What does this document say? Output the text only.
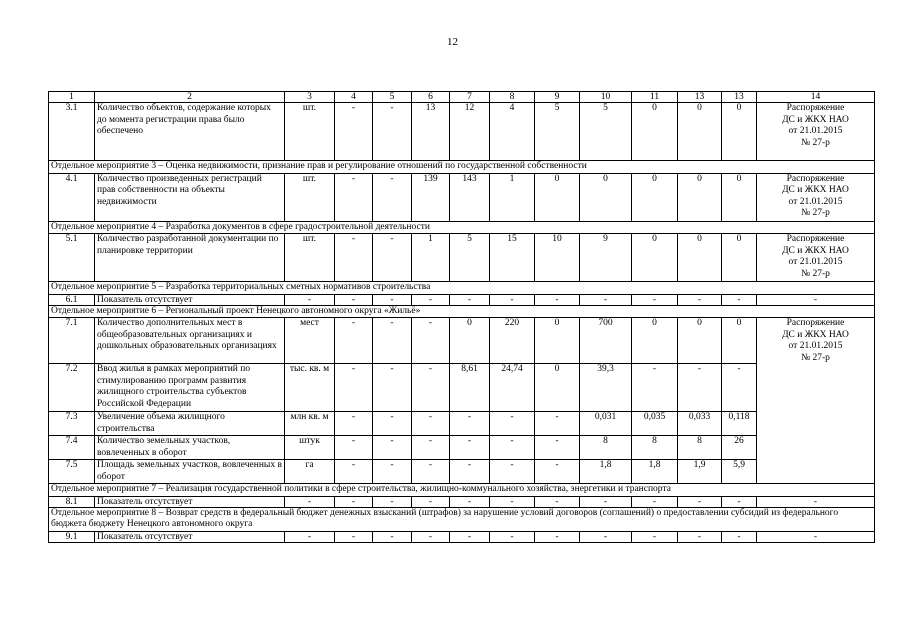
12
1	2	3	4	5	6	7	8	9	10	11	13	13	14
3.1	Количество объектов, содержание которых до момента регистрации права было обеспечено	шт.	-	-	13	12	4	5	5	0	0	0	Распоряжение
ДС и ЖКХ НАО
от 21.01.2015
№ 27-р

Отдельное мероприятие 3 – Оценка недвижимости, признание прав и регулирование отношений по государственной собственности													
4.1	Количество произведенных регистраций прав собственности на объекты недвижимости	шт.	-	-	139	143	1	0	0	0	0	0	Распоряжение
ДС и ЖКХ НАО
от 21.01.2015
№ 27-р

Отдельное мероприятие 4 – Разработка документов в сфере градостроительной деятельности													
5.1	Количество разработанной документации по планировке территории	шт.	-	-	1	5	15	10	9	0	0	0	Распоряжение
ДС и ЖКХ НАО
от 21.01.2015
№ 27-р

Отдельное мероприятие 5 – Разработка территориальных сметных нормативов строительства													
6.1	Показатель отсутствует	-	-	-	-	-	-	-	-	-	-	-	-
Отдельное мероприятие 6 – Региональный проект Ненецкого автономного округа «Жильё»													
7.1	Количество дополнительных мест в общеобразовательных организациях и дошкольных образовательных организациях	мест	-	-	-	0	220	0	700	0	0	0	Распоряжение
ДС и ЖКХ НАО
от 21.01.2015
№ 27-р

7.2	Ввод жилья в рамках мероприятий по стимулированию программ развития жилищного строительства субъектов Российской Федерации	тыс. кв. м	-	-	-	8,61	24,74	0	39,3	-	-	-	
7.3	Увеличение объема жилищного строительства	млн кв. м	-	-	-	-	-	-	0,031	0,035	0,033	0,118	
7.4	Количество земельных участков, вовлеченных в оборот	штук	-	-	-	-	-	-	8	8	8	26	
7.5	Площадь земельных участков, вовлеченных в оборот	га	-	-	-	-	-	-	1,8	1,8	1,9	5,9	
Отдельное мероприятие 7 – Реализация государственной политики в сфере строительства, жилищно-коммунального хозяйства, энергетики и транспорта													
8.1	Показатель отсутствует	-	-	-	-	-	-	-	-	-	-	-	-
Отдельное мероприятие 8 – Возврат средств в федеральный бюджет денежных взысканий (штрафов) за нарушение условий договоров (соглашений) о предоставлении субсидий из федерального бюджета бюджету Ненецкого автономного округа													
9.1	Показатель отсутствует	-	-	-	-	-	-	-	-	-	-	-	-
